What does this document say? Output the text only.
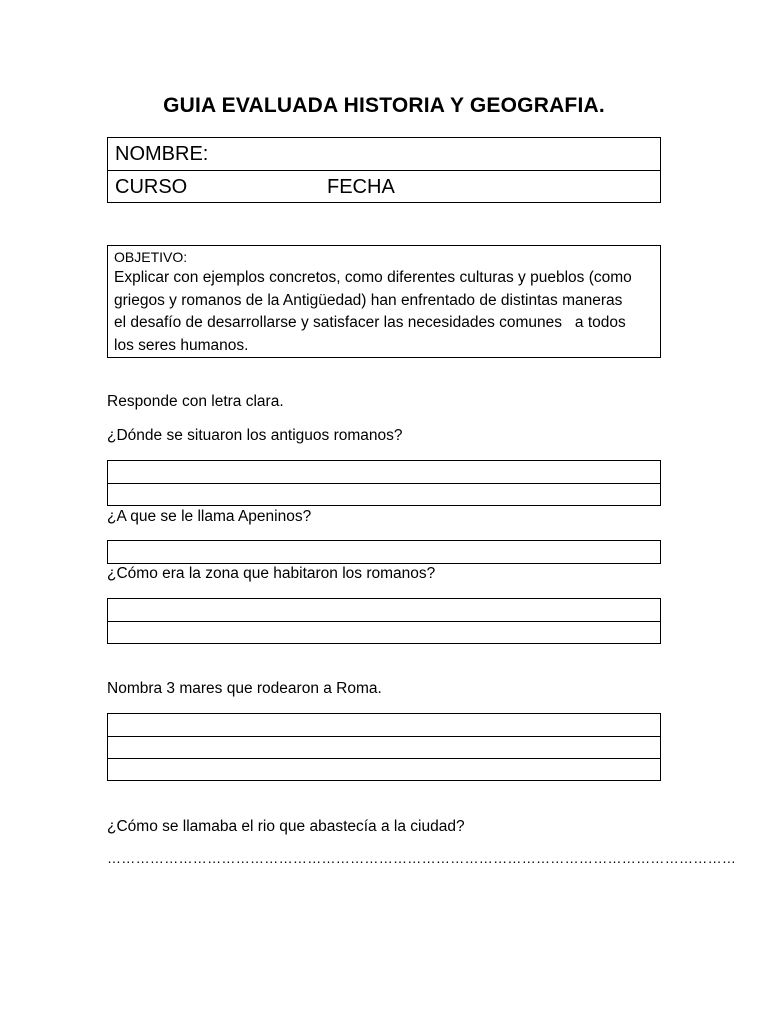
GUIA EVALUADA HISTORIA Y GEOGRAFIA.
NOMBRE:
CURSO	FECHA
OBJETIVO:
Explicar con ejemplos concretos, como diferentes culturas y pueblos (como
griegos y romanos de la Antigüedad) han enfrentado de distintas maneras
el desafío de desarrollarse y satisfacer las necesidades comunes   a todos
los seres humanos.
Responde con letra clara.
¿Dónde se situaron los antiguos romanos?
¿A que se le llama Apeninos?
¿Cómo era la zona que habitaron los romanos?
Nombra 3 mares que rodearon a Roma.
¿Cómo se llamaba el rio que abastecía a la ciudad?
……………………………………………………………………………………………………………………
